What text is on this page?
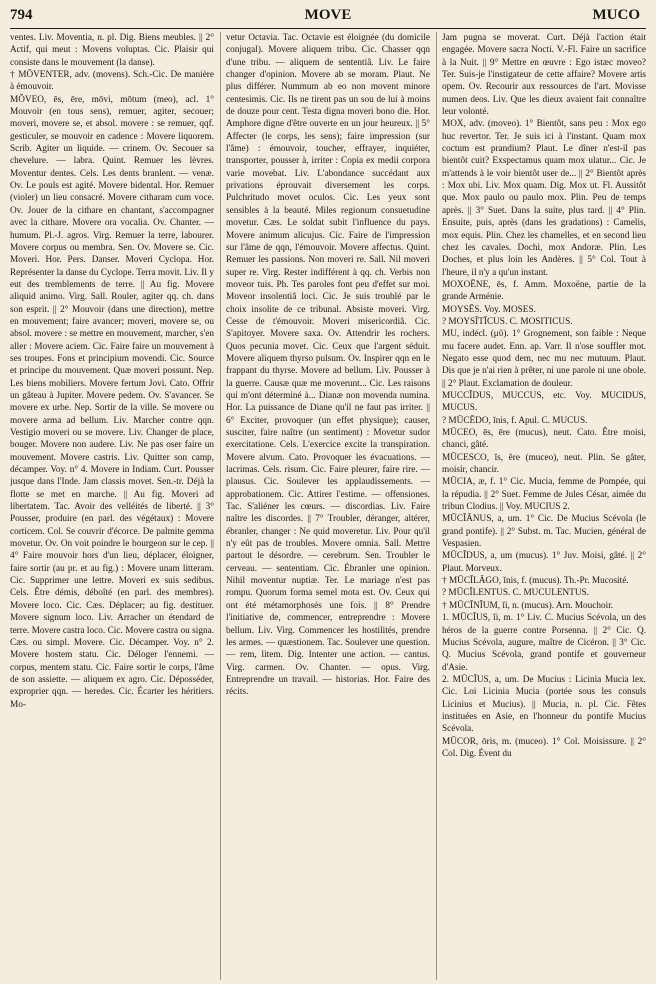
794	MOVE	MUCO

ventes. Liv. Moventia, n. pl. Dig. Biens meubles. || 2° Actif, qui meut : Movens voluptas. Cic. Plaisir qui consiste dans le mouvement (la danse).

† MŌVENTER, adv. (movens). Sch.-Cic. De manière à émouvoir.

MŎVEO, ēs, ēre, mōvi, mōtum (meo), acl. 1° Mouvoir (en tous sens), remuer, agiter, secouer; moveri, movere se, et absol. movere : se remuer, qqf. gesticuler, se mouvoir en cadence : Movere liquorem. Scrib. Agiter un liquide. — crinem. Ov. Secouer sa chevelure. — labra. Quint. Remuer les lèvres. Moventur dentes. Cels. Les dents branlent. — venæ. Ov. Le pouls est agité. Movere bidental. Hor. Remuer (violer) un lieu consacré. Movere citharam cum voce. Ov. Jouer de la cithare en chantant, s'accompagner avec la cithare. Movere ora vocalia. Ov. Chanter. — humum. Pl.-J. agros. Virg. Remuer la terre, labourer. Movere corpus ou membra. Sen. Ov. Movere se. Cic. Moveri. Hor. Pers. Danser. Moveri Cyclopa. Hor. Représenter la danse du Cyclope. Terra movit. Liv. Il y eut des tremblements de terre. || Au fig. Movere aliquid animo. Virg. Sall. Rouler, agiter qq. ch. dans son esprit. || 2° Mouvoir (dans une direction), mettre en mouvement; faire avancer; moveri, movere se, ou absol. movere : se mettre en mouvement, marcher, s'en aller : Movere aciem. Cic. Faire faire un mouvement à ses troupes. Fons et principium movendi. Cic. Source et principe du mouvement. Quæ moveri possunt. Nep. Les biens mobiliers. Movere fertum Jovi. Cato. Offrir un gâteau à Jupiter. Movere pedem. Ov. S'avancer. Se movere ex urbe. Nep. Sortir de la ville. Se movere ou movere arma ad bellum. Liv. Marcher contre qqn. Vestigio moveri ou se movere. Liv. Changer de place, bouger. Movere non audere. Liv. Ne pas oser faire un mouvement. Movere castris. Liv. Quitter son camp, décamper. Voy. n° 4. Movere in Indiam. Curt. Pousser jusque dans l'Inde. Jam classis movet. Sen.-tr. Déjà la flotte se met en marche. || Au fig. Moveri ad libertatem. Tac. Avoir des velléités de liberté. || 3° Pousser, produire (en parl. des végétaux) : Movere corticem. Col. Se couvrir d'écorce. De palmite gemma movetur. Ov. On voit poindre le bourgeon sur le cep. || 4° Faire mouvoir hors d'un lieu, déplacer, éloigner, faire sortir (au pr. et au fig.) : Movere unam litteram. Cic. Supprimer une lettre. Moveri ex suis sedibus. Cels. Être démis, déboîté (en parl. des membres). Movere loco. Cic. Cæs. Déplacer; au fig. destituer. Movere signum loco. Liv. Arracher un étendard de terre. Movere castra loco. Cic. Movere castra ou signa. Cæs. ou simpl. Movere. Cic. Décamper. Voy. n° 2. Movere hostem statu. Cic. Déloger l'ennemi. — corpus, mentem statu. Cic. Faire sortir le corps, l'âme de son assiette. — aliquem ex agro. Cic. Déposséder, exproprier qqn. — heredes. Cic. Écarter les héritiers. Mo-

vetur Octavia. Tac. Octavie est éloignée (du domicile conjugal). Movere aliquem tribu. Cic. Chasser qqn d'une tribu. — aliquem de sententiâ. Liv. Le faire changer d'opinion. Movere ab se moram. Plaut. Ne plus différer. Nummum ab eo non movent minore centesimis. Cic. Ils ne tirent pas un sou de lui à moins de douze pour cent. Testa digna moveri bono die. Hor. Amphore digne d'être ouverte en un jour heureux. || 5° Affecter (le corps, les sens); faire impression (sur l'âme) : émouvoir, toucher, effrayer, inquiéter, transporter, pousser à, irriter : Copia ex medii corpora varie movebat. Liv. L'abondance succédant aux privations éprouvait diversement les corps. Pulchritudo movet oculos. Cic. Les yeux sont sensibles à la beauté. Miles regionum consuetudine movetur. Cæs. Le soldat subit l'influence du pays. Movere animum alicujus. Cic. Faire de l'impression sur l'âme de qqn, l'émouvoir. Movere affectus. Quint. Remuer les passions. Non moveri re. Sall. Nil moveri super re. Virg. Rester indifférent à qq. ch. Verbis non moveor tuis. Ph. Tes paroles font peu d'effet sur moi. Moveor insolentiâ loci. Cic. Je suis troublé par le choix insolite de ce tribunal. Absiste moveri. Virg. Cesse de t'émouvoir. Moveri misericordiâ. Cic. S'apitoyer. Movere saxa. Ov. Attendrir les rochers. Quos pecunia movet. Cic. Ceux que l'argent séduit. Movere aliquem thyrso pulsum. Ov. Inspirer qqn en le frappant du thyrse. Movere ad bellum. Liv. Pousser à la guerre. Causæ quæ me moverunt... Cic. Les raisons qui m'ont déterminé à... Dianæ non movenda numina. Hor. La puissance de Diane qu'il ne faut pas irriter. || 6° Exciter, provoquer (un effet physique); causer, susciter, faire naître (un sentiment) : Movetur sudor exercitatione. Cels. L'exercice excite la transpiration. Movere alvum. Cato. Provoquer les évacuations. — lacrimas. Cels. risum. Cic. Faire pleurer, faire rire. — plausus. Cic. Soulever les applaudissements. — approbationem. Cic. Attirer l'estime. — offensiones. Tac. S'aliéner les cœurs. — discordias. Liv. Faire naître les discordes. || 7° Troubler, déranger, altérer, ébranler, changer : Ne quid moveretur. Liv. Pour qu'il n'y eût pas de troubles. Movere omnia. Sall. Mettre partout le désordre. — cerebrum. Sen. Troubler le cerveau. — sententiam. Cic. Ébranler une opinion. Nihil moventur nuptiæ. Ter. Le mariage n'est pas rompu. Quorum forma semel mota est. Ov. Ceux qui ont été métamorphosés une fois. || 8° Prendre l'initiative de, commencer, entreprendre : Movere bellum. Liv. Virg. Commencer les hostilités, prendre les armes. — quæstionem. Tac. Soulever une question. — rem, litem. Dig. Intenter une action. — cantus. Virg. carmen. Ov. Chanter. — opus. Virg. Entreprendre un travail. — historias. Hor. Faire des récits.

Jam pugna se moverat. Curt. Déjà l'action était engagée. Movere sacra Nocti. V.-Fl. Faire un sacrifice à la Nuit. || 9° Mettre en œuvre : Ego istæc moveo? Ter. Suis-je l'instigateur de cette affaire? Movere artis opem. Ov. Recourir aux ressources de l'art. Movisse numen deos. Liv. Que les dieux avaient fait connaître leur volonté.

MOX, adv. (moveo). 1° Bientôt, sans peu : Mox ego huc revertor. Ter. Je suis ici à l'instant. Quam mox coctum est prandium? Plaut. Le dîner n'est-il pas bientôt cuit? Exspectamus quam mox ulatur... Cic. Je m'attends à le voir bientôt user de... || 2° Bientôt après : Mox ubi. Liv. Mox quam. Dig. Mox ut. Fl. Aussitôt que. Mox paulo ou paulo mox. Plin. Peu de temps après. || 3° Suet. Dans la suite, plus tard. || 4° Plin. Ensuite, puis, après (dans les gradations) : Camelis, mox equis. Plin. Chez les chamelles, et en second lieu chez les cavales. Dochi, mox Andoræ. Plin. Les Doches, et plus loin les Andères. || 5° Col. Tout à l'heure, il n'y a qu'un instant.

MOXOĒNE, ēs, f. Amm. Moxoëne, partie de la grande Arménie.

MOYSĒS. Voy. MOSES.

? MOYSĪTĬCUS. C. MOSITICUS.

MU, indécl. (μῦ). 1° Grognement, son faible : Neque mu facere audet. Enn. ap. Varr. Il n'ose souffler mot. Negato esse quod dem, nec mu nec mutuum. Plaut. Dis que je n'ai rien à prêter, ni une parole ni une obole. || 2° Plaut. Exclamation de douleur.

MUCCĬDUS, MUCCUS, etc. Voy. MUCIDUS, MUCUS.

? MŪCĒDO, ĭnis, f. Apul. C. MUCUS.

MŪCEO, ēs, ēre (mucus), neut. Cato. Être moisi, chanci, gâté.

MŪCESCO, ĭs, ĕre (muceo), neut. Plin. Se gâter, moisir, chancir.

MŪCIA, æ, f. 1° Cic. Mucia, femme de Pompée, qui la répudia. || 2° Suet. Femme de Jules César, aimée du tribun Clodius. || Voy. MUCIUS 2.

MŪCĬĀNUS, a, um. 1° Cic. De Mucius Scévola (le grand pontife). || 2° Subst. m. Tac. Mucien, général de Vespasien.

MŪCĬDUS, a, um (mucus). 1° Juv. Moisi, gâté. || 2° Plaut. Morveux.

† MŪCĬLĀGO, ĭnis, f. (mucus). Th.-Pr. Mucosité.

? MŪCĬLENTUS. C. MUCULENTUS.

† MŪCĬNĬUM, ĭi, n. (mucus). Arn. Mouchoir.

1. MŪCĬUS, ĭi, m. 1° Liv. C. Mucius Scévola, un des héros de la guerre contre Porsenna. || 2° Cic. Q. Mucius Scévola, augure, maître de Cicéron. || 3° Cic. Q. Mucius Scévola, grand pontife et gouverneur d'Asie.

2. MŪCĬUS, a, um. De Mucius : Licinia Mucia lex. Cic. Loi Licinia Mucia (portée sous les consuls Licinius et Mucius). || Mucia, n. pl. Cic. Fêtes instituées en Asie, en l'honneur du pontife Mucius Scévola.

MŪCOR, ōris, m. (muceo). 1° Col. Moisissure. || 2° Col. Dig. Évent du
